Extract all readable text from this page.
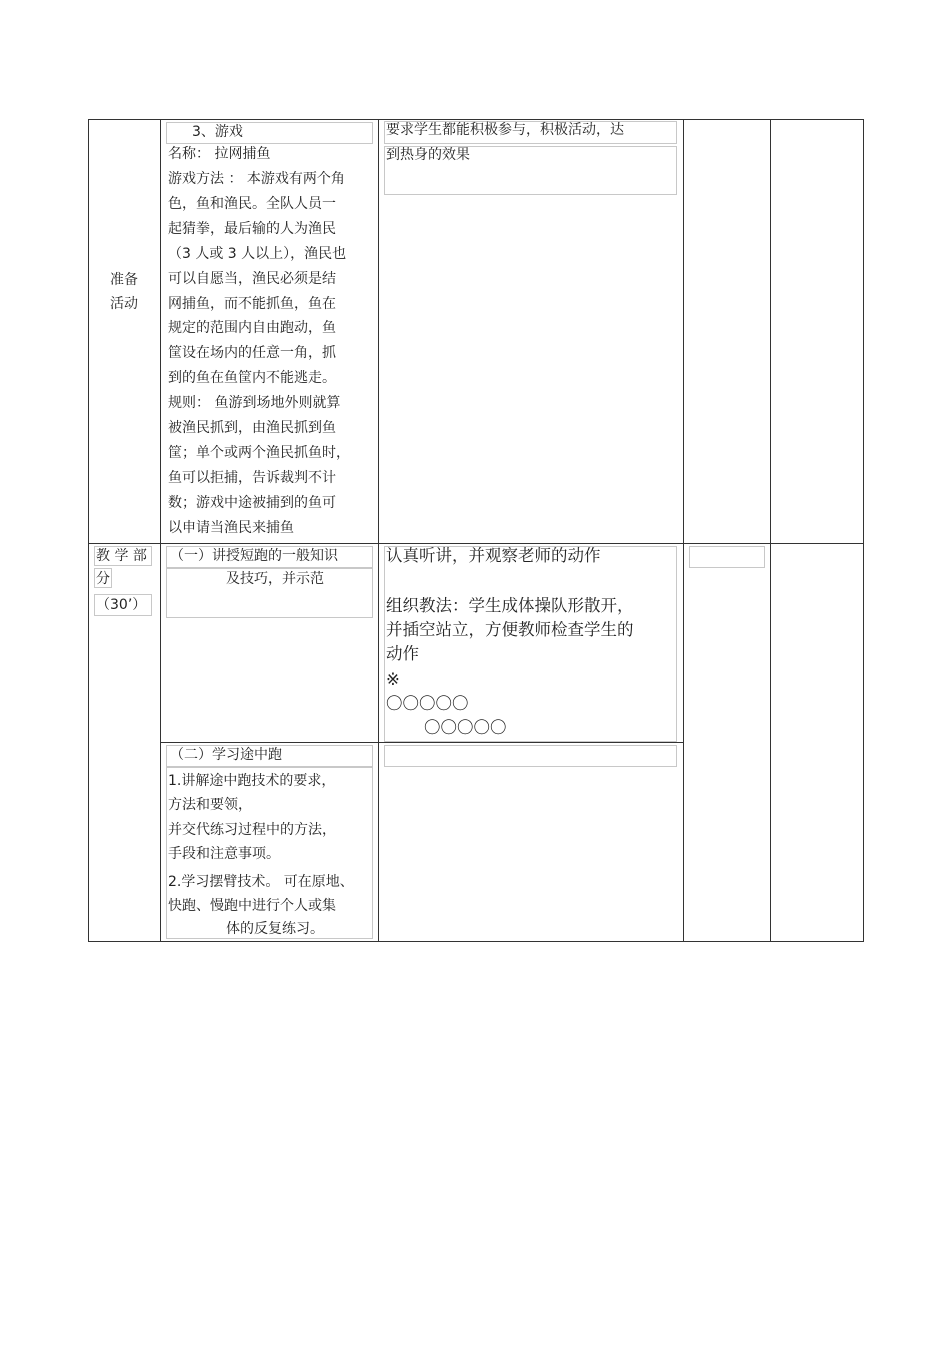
准备
活动
3、游戏
名称： 拉网捕鱼
游戏方法 ： 本游戏有两个角
色，鱼和渔民。全队人员一
起猜拳，最后输的人为渔民
（3 人或 3 人以上），渔民也
可以自愿当，渔民必须是结
网捕鱼，而不能抓鱼，鱼在
规定的范围内自由跑动，鱼
筐设在场内的任意一角，抓
到的鱼在鱼筐内不能逃走。
规则： 鱼游到场地外则就算
被渔民抓到，由渔民抓到鱼
筐；单个或两个渔民抓鱼时，
鱼可以拒捕，告诉裁判不计
数；游戏中途被捕到的鱼可
以申请当渔民来捕鱼
要求学生都能积极参与，积极活动，达
到热身的效果
教 学 部
分
（30’）
（一）讲授短跑的一般知识
及技巧，并示范
认真听讲，并观察老师的动作
组织教法：学生成体操队形散开，
并插空站立，方便教师检查学生的
动作
※
〇〇〇〇〇
〇〇〇〇〇
（二）学习途中跑
1.讲解途中跑技术的要求，
方法和要领，
并交代练习过程中的方法，
手段和注意事项。
2.学习摆臂技术。 可在原地、
快跑、慢跑中进行个人或集
体的反复练习。
